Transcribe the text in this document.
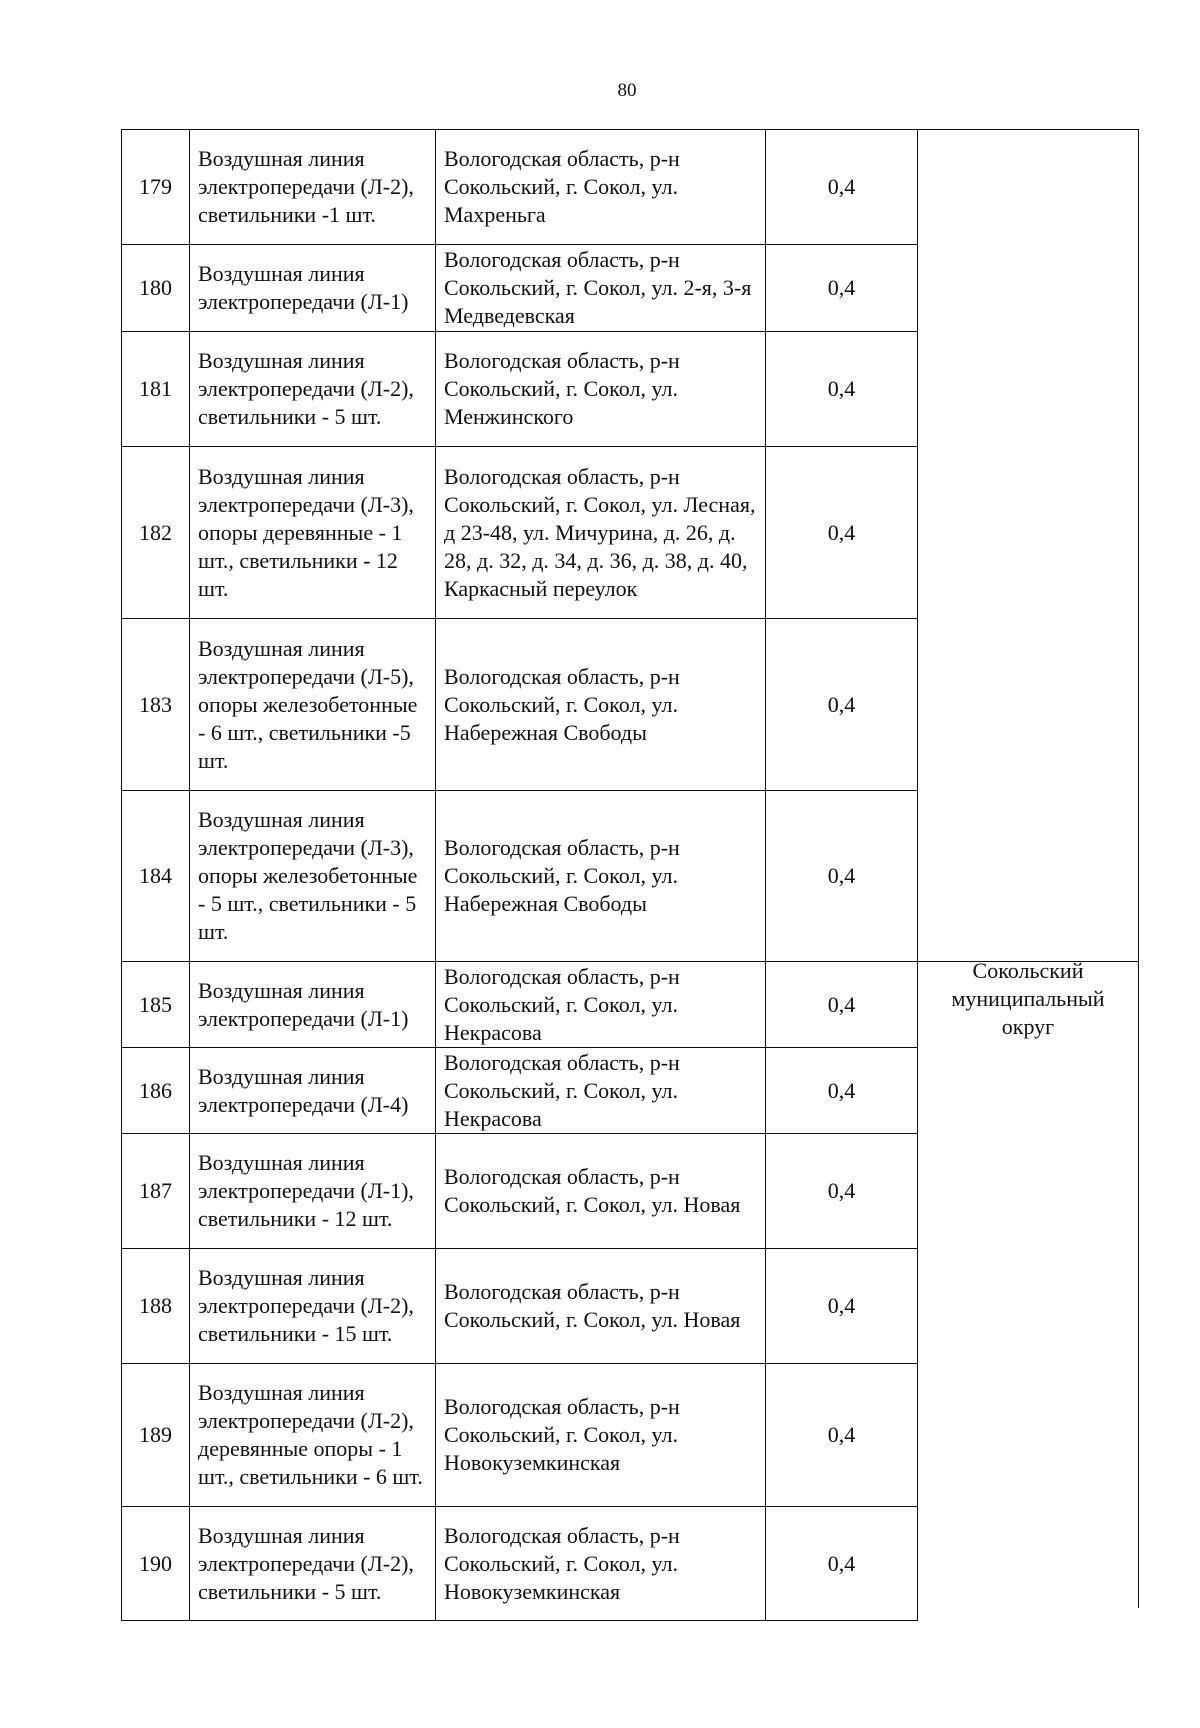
80
179	Воздушная линия электропередачи (Л-2), светильники -1 шт.	Вологодская область, р-н Сокольский, г. Сокол, ул. Махреньга	0,4
180	Воздушная линия электропередачи (Л-1)	Вологодская область, р-н Сокольский, г. Сокол, ул. 2-я, 3-я Медведевская	0,4
181	Воздушная линия электропередачи (Л-2), светильники - 5 шт.	Вологодская область, р-н Сокольский, г. Сокол, ул. Менжинского	0,4
182	Воздушная линия электропередачи (Л-3), опоры деревянные - 1 шт., светильники - 12 шт.	Вологодская область, р-н Сокольский, г. Сокол, ул. Лесная, д 23-48, ул. Мичурина, д. 26, д. 28, д. 32, д. 34, д. 36, д. 38, д. 40, Каркасный переулок	0,4
183	Воздушная линия электропередачи (Л-5), опоры железобетонные - 6 шт., светильники -5 шт.	Вологодская область, р-н Сокольский, г. Сокол, ул. Набережная Свободы	0,4
184	Воздушная линия электропередачи (Л-3), опоры железобетонные - 5 шт., светильники - 5 шт.	Вологодская область, р-н Сокольский, г. Сокол, ул. Набережная Свободы	0,4
185	Воздушная линия электропередачи (Л-1)	Вологодская область, р-н Сокольский, г. Сокол, ул. Некрасова	0,4
186	Воздушная линия электропередачи (Л-4)	Вологодская область, р-н Сокольский, г. Сокол, ул. Некрасова	0,4
187	Воздушная линия электропередачи (Л-1), светильники - 12 шт.	Вологодская область, р-н Сокольский, г. Сокол, ул. Новая	0,4
188	Воздушная линия электропередачи (Л-2), светильники - 15 шт.	Вологодская область, р-н Сокольский, г. Сокол, ул. Новая	0,4
189	Воздушная линия электропередачи (Л-2), деревянные опоры - 1 шт., светильники - 6 шт.	Вологодская область, р-н Сокольский, г. Сокол, ул. Новокуземкинская	0,4
190	Воздушная линия электропередачи (Л-2), светильники - 5 шт.	Вологодская область, р-н Сокольский, г. Сокол, ул. Новокуземкинская	0,4
Сокольский
муниципальный
округ
